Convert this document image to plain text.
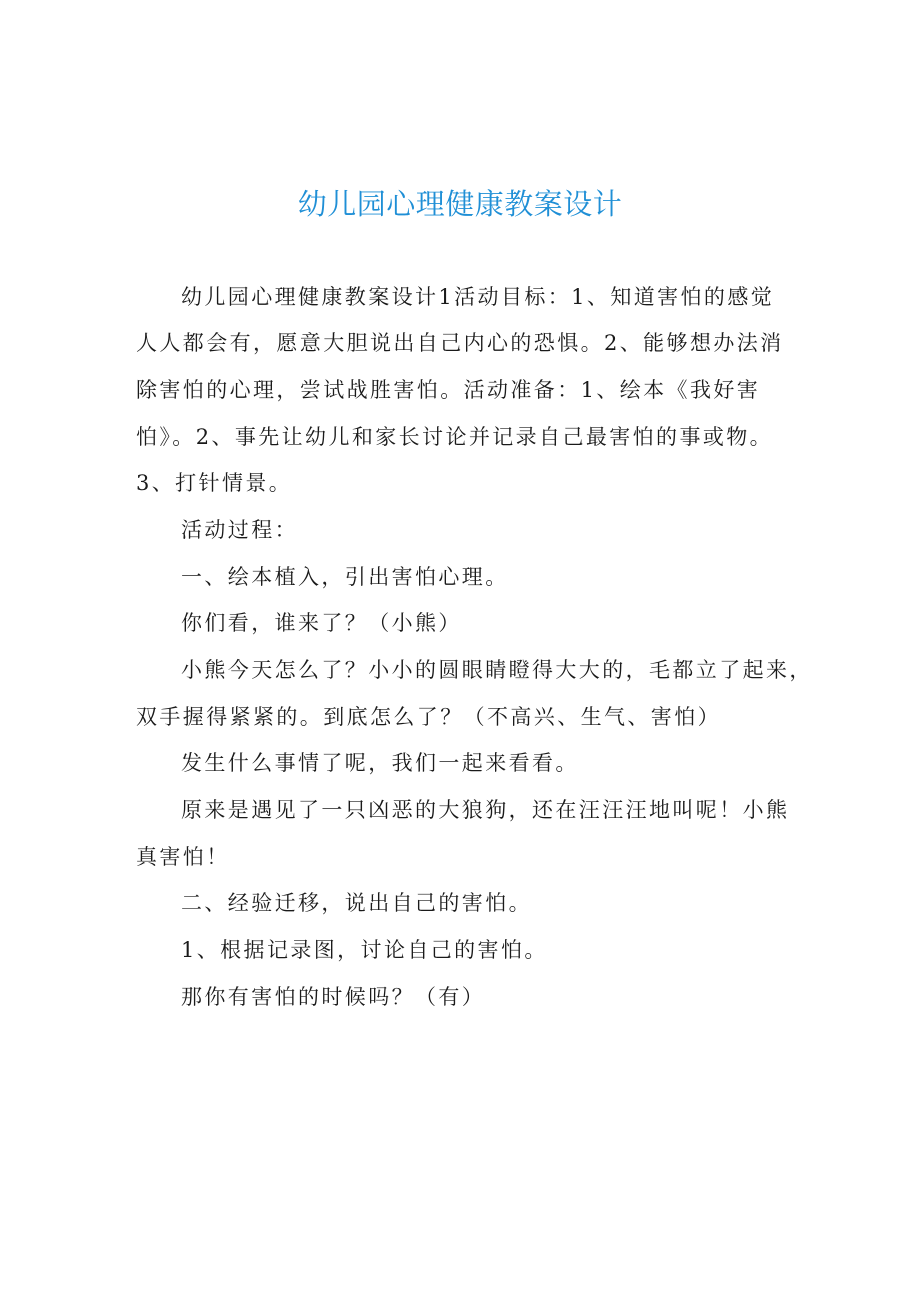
幼儿园心理健康教案设计
幼儿园心理健康教案设计1活动目标：1、知道害怕的感觉
人人都会有，愿意大胆说出自己内心的恐惧。2、能够想办法消
除害怕的心理，尝试战胜害怕。活动准备：1、绘本《我好害
怕》。2、事先让幼儿和家长讨论并记录自己最害怕的事或物。
3、打针情景。
活动过程：
一、绘本植入，引出害怕心理。
你们看，谁来了？（小熊）
小熊今天怎么了？小小的圆眼睛瞪得大大的，毛都立了起来，
双手握得紧紧的。到底怎么了？（不高兴、生气、害怕）
发生什么事情了呢，我们一起来看看。
原来是遇见了一只凶恶的大狼狗，还在汪汪汪地叫呢！小熊
真害怕！
二、经验迁移，说出自己的害怕。
1、根据记录图，讨论自己的害怕。
那你有害怕的时候吗？（有）
